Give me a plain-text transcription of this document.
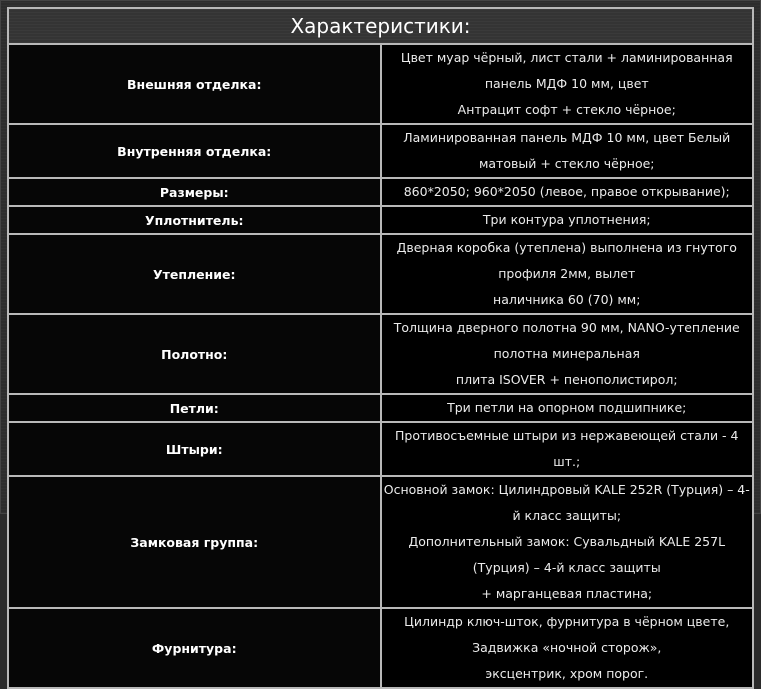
Характеристики:	
Внешняя отделка:	Цвет муар чёрный, лист стали + ламинированная панель МДФ 10 мм, цвет
Антрацит софт + стекло чёрное;

Внутренняя отделка:	Ламинированная панель МДФ 10 мм, цвет Белый матовый + стекло чёрное;

Размеры:	860*2050; 960*2050 (левое, правое открывание);

Уплотнитель:	Три контура уплотнения;

Утепление:	Дверная коробка (утеплена) выполнена из гнутого профиля 2мм, вылет
наличника 60 (70) мм;

Полотно:	Толщина дверного полотна 90 мм, NANO-утепление полотна минеральная
плита ISOVER + пенополистирол;

Петли:	Три петли на опорном подшипнике;

Штыри:	Противосъемные штыри из нержавеющей стали - 4 шт.;

Замковая группа:	Основной замок: Цилиндровый KALE 252R (Турция) – 4-й класс защиты;
Дополнительный замок: Сувальдный KALE 257L (Турция) – 4-й класс защиты
+ марганцевая пластина;

Фурнитура:	Цилиндр ключ-шток, фурнитура в чёрном цвете, Задвижка «ночной сторож»,
эксцентрик, хром порог.
